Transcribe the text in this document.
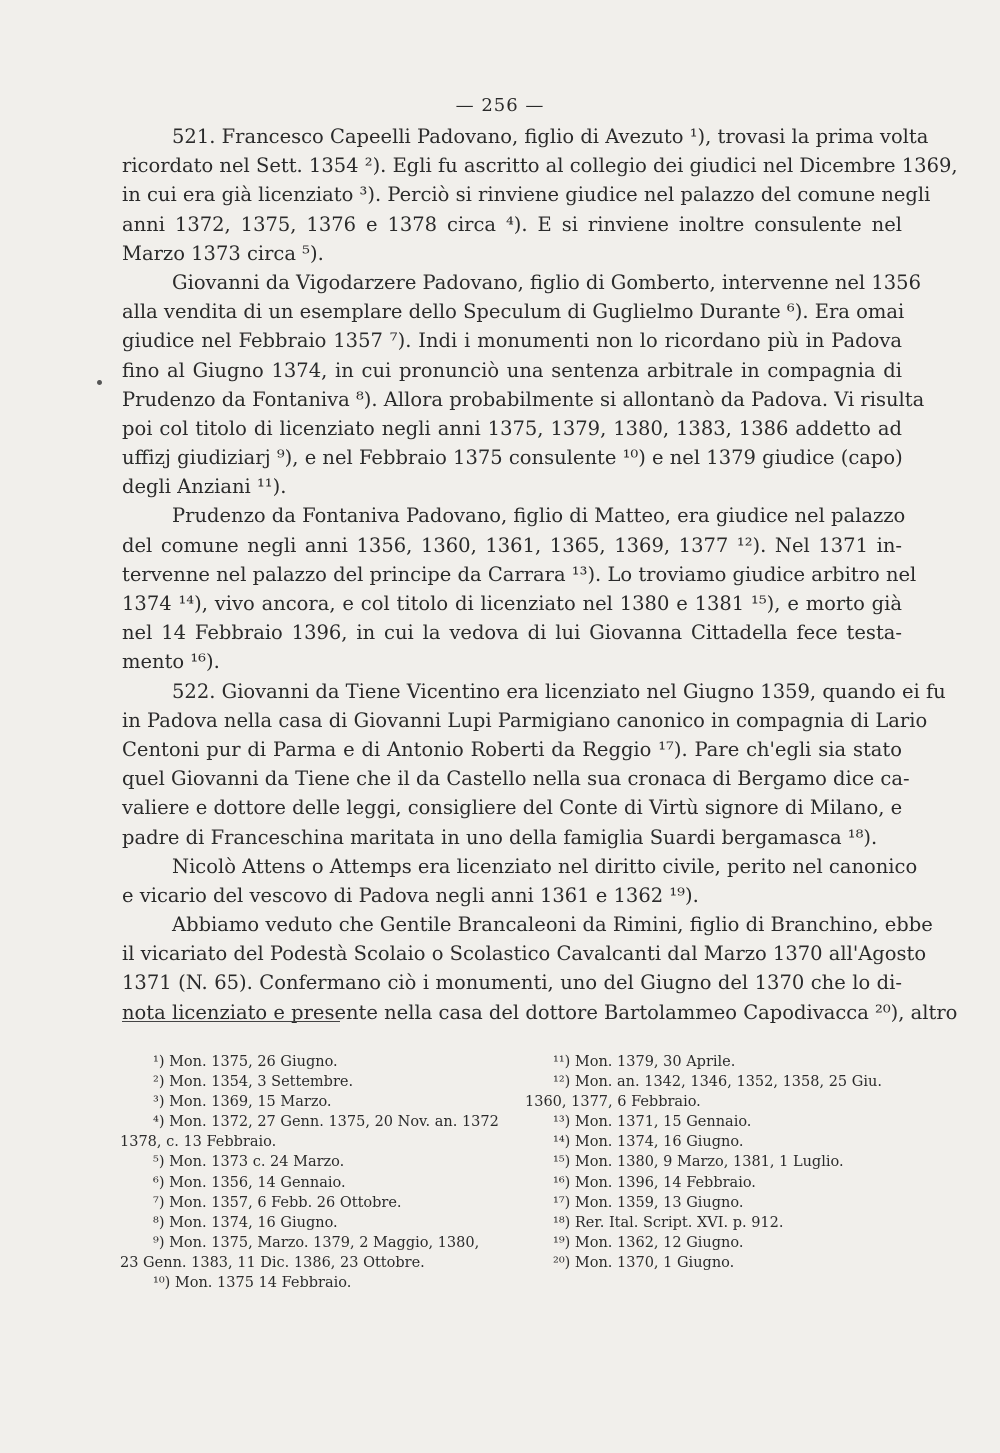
— 256 —
521. Francesco Capeelli Padovano, figlio di Avezuto ¹), trovasi la prima volta
ricordato nel Sett. 1354 ²). Egli fu ascritto al collegio dei giudici nel Dicembre 1369,
in cui era già licenziato ³). Perciò si rinviene giudice nel palazzo del comune negli
anni 1372, 1375, 1376 e 1378 circa ⁴). E si rinviene inoltre consulente nel
Marzo 1373 circa ⁵).
Giovanni da Vigodarzere Padovano, figlio di Gomberto, intervenne nel 1356
alla vendita di un esemplare dello Speculum di Guglielmo Durante ⁶). Era omai
giudice nel Febbraio 1357 ⁷). Indi i monumenti non lo ricordano più in Padova
fino al Giugno 1374, in cui pronunciò una sentenza arbitrale in compagnia di
Prudenzo da Fontaniva ⁸). Allora probabilmente si allontanò da Padova. Vi risulta
poi col titolo di licenziato negli anni 1375, 1379, 1380, 1383, 1386 addetto ad
uffizj giudiziarj ⁹), e nel Febbraio 1375 consulente ¹⁰) e nel 1379 giudice (capo)
degli Anziani ¹¹).
Prudenzo da Fontaniva Padovano, figlio di Matteo, era giudice nel palazzo
del comune negli anni 1356, 1360, 1361, 1365, 1369, 1377 ¹²). Nel 1371 in-
tervenne nel palazzo del principe da Carrara ¹³). Lo troviamo giudice arbitro nel
1374 ¹⁴), vivo ancora, e col titolo di licenziato nel 1380 e 1381 ¹⁵), e morto già
nel 14 Febbraio 1396, in cui la vedova di lui Giovanna Cittadella fece testa-
mento ¹⁶).
522. Giovanni da Tiene Vicentino era licenziato nel Giugno 1359, quando ei fu
in Padova nella casa di Giovanni Lupi Parmigiano canonico in compagnia di Lario
Centoni pur di Parma e di Antonio Roberti da Reggio ¹⁷). Pare ch'egli sia stato
quel Giovanni da Tiene che il da Castello nella sua cronaca di Bergamo dice ca-
valiere e dottore delle leggi, consigliere del Conte di Virtù signore di Milano, e
padre di Franceschina maritata in uno della famiglia Suardi bergamasca ¹⁸).
Nicolò Attens o Attemps era licenziato nel diritto civile, perito nel canonico
e vicario del vescovo di Padova negli anni 1361 e 1362 ¹⁹).
Abbiamo veduto che Gentile Brancaleoni da Rimini, figlio di Branchino, ebbe
il vicariato del Podestà Scolaio o Scolastico Cavalcanti dal Marzo 1370 all'Agosto
1371 (N. 65). Confermano ciò i monumenti, uno del Giugno del 1370 che lo di-
nota licenziato e presente nella casa del dottore Bartolammeo Capodivacca ²⁰), altro
¹) Mon. 1375, 26 Giugno.
²) Mon. 1354, 3 Settembre.
³) Mon. 1369, 15 Marzo.
⁴) Mon. 1372, 27 Genn. 1375, 20 Nov. an. 1372
1378, c. 13 Febbraio.
⁵) Mon. 1373 c. 24 Marzo.
⁶) Mon. 1356, 14 Gennaio.
⁷) Mon. 1357, 6 Febb. 26 Ottobre.
⁸) Mon. 1374, 16 Giugno.
⁹) Mon. 1375, Marzo. 1379, 2 Maggio, 1380,
23 Genn. 1383, 11 Dic. 1386, 23 Ottobre.
¹⁰) Mon. 1375 14 Febbraio.
¹¹) Mon. 1379, 30 Aprile.
¹²) Mon. an. 1342, 1346, 1352, 1358, 25 Giu.
1360, 1377, 6 Febbraio.
¹³) Mon. 1371, 15 Gennaio.
¹⁴) Mon. 1374, 16 Giugno.
¹⁵) Mon. 1380, 9 Marzo, 1381, 1 Luglio.
¹⁶) Mon. 1396, 14 Febbraio.
¹⁷) Mon. 1359, 13 Giugno.
¹⁸) Rer. Ital. Script. XVI. p. 912.
¹⁹) Mon. 1362, 12 Giugno.
²⁰) Mon. 1370, 1 Giugno.
